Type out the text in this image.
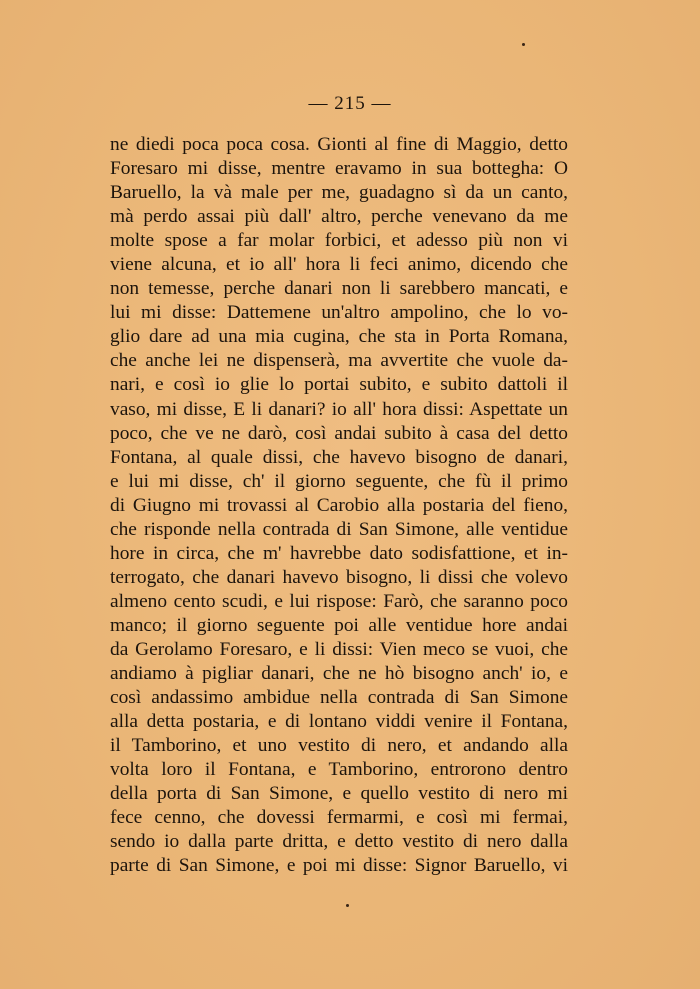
— 215 —
ne diedi poca poca cosa. Gionti al fine di Maggio, detto
Foresaro mi disse, mentre eravamo in sua bottegha: O
Baruello, la và male per me, guadagno sì da un canto,
mà perdo assai più dall' altro, perche venevano da me
molte spose a far molar forbici, et adesso più non vi
viene alcuna, et io all' hora li feci animo, dicendo che
non temesse, perche danari non li sarebbero mancati, e
lui mi disse: Dattemene un'altro ampolino, che lo vo-
glio dare ad una mia cugina, che sta in Porta Romana,
che anche lei ne dispenserà, ma avvertite che vuole da-
nari, e così io glie lo portai subito, e subito dattoli il
vaso, mi disse, E li danari? io all' hora dissi: Aspettate un
poco, che ve ne darò, così andai subito à casa del detto
Fontana, al quale dissi, che havevo bisogno de danari,
e lui mi disse, ch' il giorno seguente, che fù il primo
di Giugno mi trovassi al Carobio alla postaria del fieno,
che risponde nella contrada di San Simone, alle ventidue
hore in circa, che m' havrebbe dato sodisfattione, et in-
terrogato, che danari havevo bisogno, li dissi che volevo
almeno cento scudi, e lui rispose: Farò, che saranno poco
manco; il giorno seguente poi alle ventidue hore andai
da Gerolamo Foresaro, e li dissi: Vien meco se vuoi, che
andiamo à pigliar danari, che ne hò bisogno anch' io, e
così andassimo ambidue nella contrada di San Simone
alla detta postaria, e di lontano viddi venire il Fontana,
il Tamborino, et uno vestito di nero, et andando alla
volta loro il Fontana, e Tamborino, entrorono dentro
della porta di San Simone, e quello vestito di nero mi
fece cenno, che dovessi fermarmi, e così mi fermai,
sendo io dalla parte dritta, e detto vestito di nero dalla
parte di San Simone, e poi mi disse: Signor Baruello, vi
